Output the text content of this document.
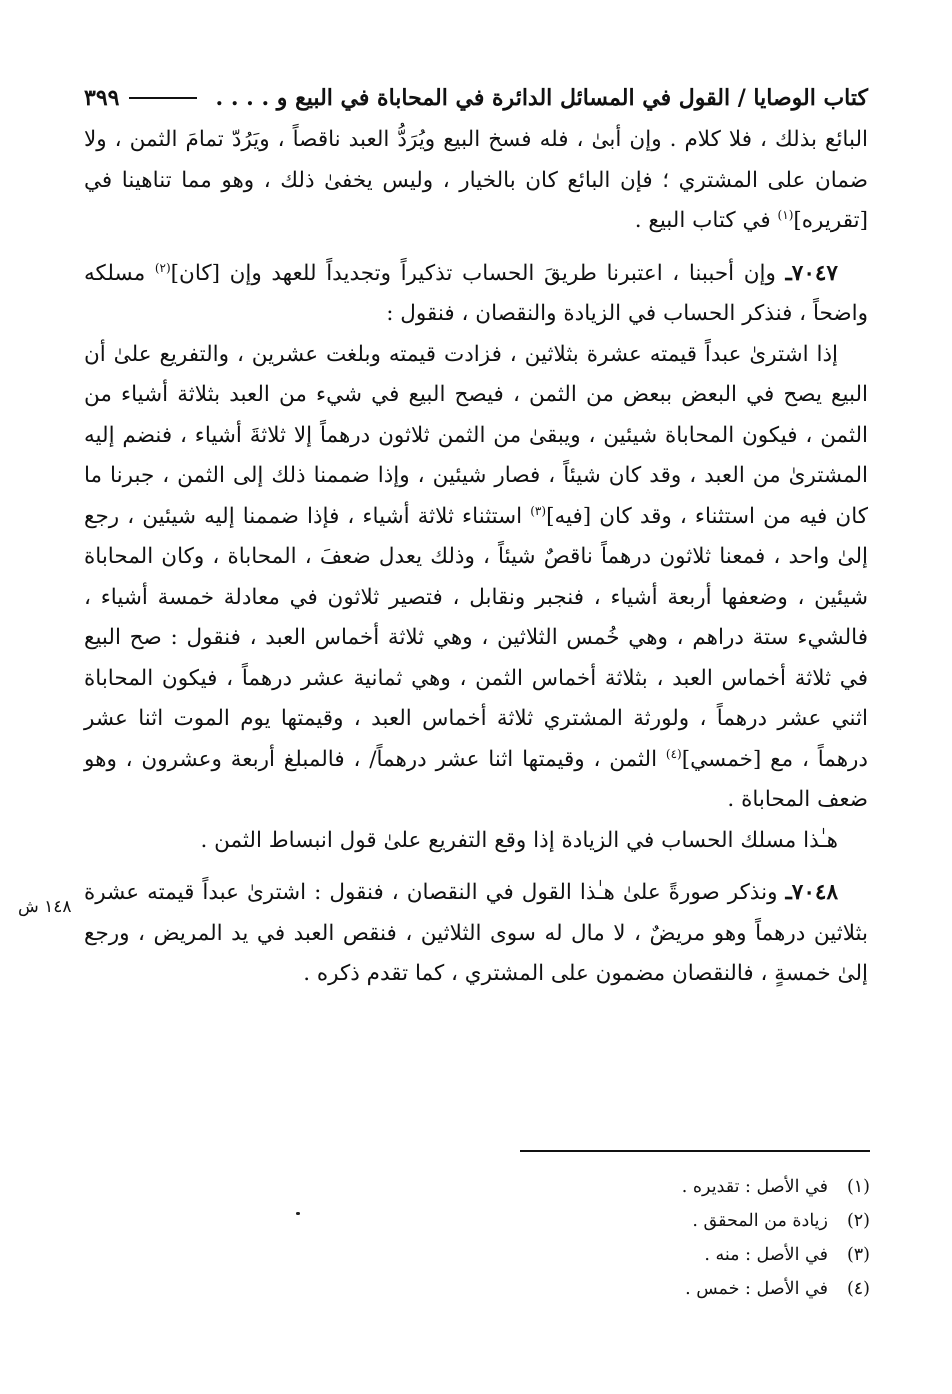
كتاب الوصايا / القول في المسائل الدائرة في المحاباة في البيع و . . . .
٣٩٩

البائع بذلك ، فلا كلام . وإن أبىٰ ، فله فسخ البيع ويُرَدُّ العبد ناقصاً ، ويَرُدّ تمامَ الثمن ، ولا ضمان على المشتري ؛ فإن البائع كان بالخيار ، وليس يخفىٰ ذلك ، وهو مما تناهينا في [تقريره]$^{(١)}$ في كتاب البيع .

٧٠٤٧ـ وإن أحببنا ، اعتبرنا طريقَ الحساب تذكيراً وتجديداً للعهد وإن [كان]$^{(٢)}$ مسلكه واضحاً ، فنذكر الحساب في الزيادة والنقصان ، فنقول :

إذا اشترىٰ عبداً قيمته عشرة بثلاثين ، فزادت قيمته وبلغت عشرين ، والتفريع علىٰ أن البيع يصح في البعض ببعض من الثمن ، فيصح البيع في شيء من العبد بثلاثة أشياء من الثمن ، فيكون المحاباة شيئين ، ويبقىٰ من الثمن ثلاثون درهماً إلا ثلاثةَ أشياء ، فنضم إليه المشترىٰ من العبد ، وقد كان شيئاً ، فصار شيئين ، وإذا ضممنا ذلك إلى الثمن ، جبرنا ما كان فيه من استثناء ، وقد كان [فيه]$^{(٣)}$ استثناء ثلاثة أشياء ، فإذا ضممنا إليه شيئين ، رجع إلىٰ واحد ، فمعنا ثلاثون درهماً ناقصٌ شيئاً ، وذلك يعدل ضعفَ ، المحاباة ، وكان المحاباة شيئين ، وضعفها أربعة أشياء ، فنجبر ونقابل ، فتصير ثلاثون في معادلة خمسة أشياء ، فالشيء ستة دراهم ، وهي خُمس الثلاثين ، وهي ثلاثة أخماس العبد ، فنقول : صح البيع في ثلاثة أخماس العبد ، بثلاثة أخماس الثمن ، وهي ثمانية عشر درهماً ، فيكون المحاباة اثني عشر درهماً ، ولورثة المشتري ثلاثة أخماس العبد ، وقيمتها يوم الموت اثنا عشر درهماً ، مع [خمسي]$^{(٤)}$ الثمن ، وقيمتها اثنا عشر درهماً/ ، فالمبلغ أربعة وعشرون ، وهو ضعف المحاباة .

هـٰذا مسلك الحساب في الزيادة إذا وقع التفريع علىٰ قول انبساط الثمن .

٧٠٤٨ـ ونذكر صورةً علىٰ هـٰذا القول في النقصان ، فنقول : اشترىٰ عبداً قيمته عشرة بثلاثين درهماً وهو مريضٌ ، لا مال له سوى الثلاثين ، فنقص العبد في يد المريض ، ورجع إلىٰ خمسةٍ ، فالنقصان مضمون على المشتري ، كما تقدم ذكره .

١٤٨ ش
(١)
في الأصل : تقديره .
(٢)
زيادة من المحقق .
(٣)
في الأصل : منه .
(٤)
في الأصل : خمس .
